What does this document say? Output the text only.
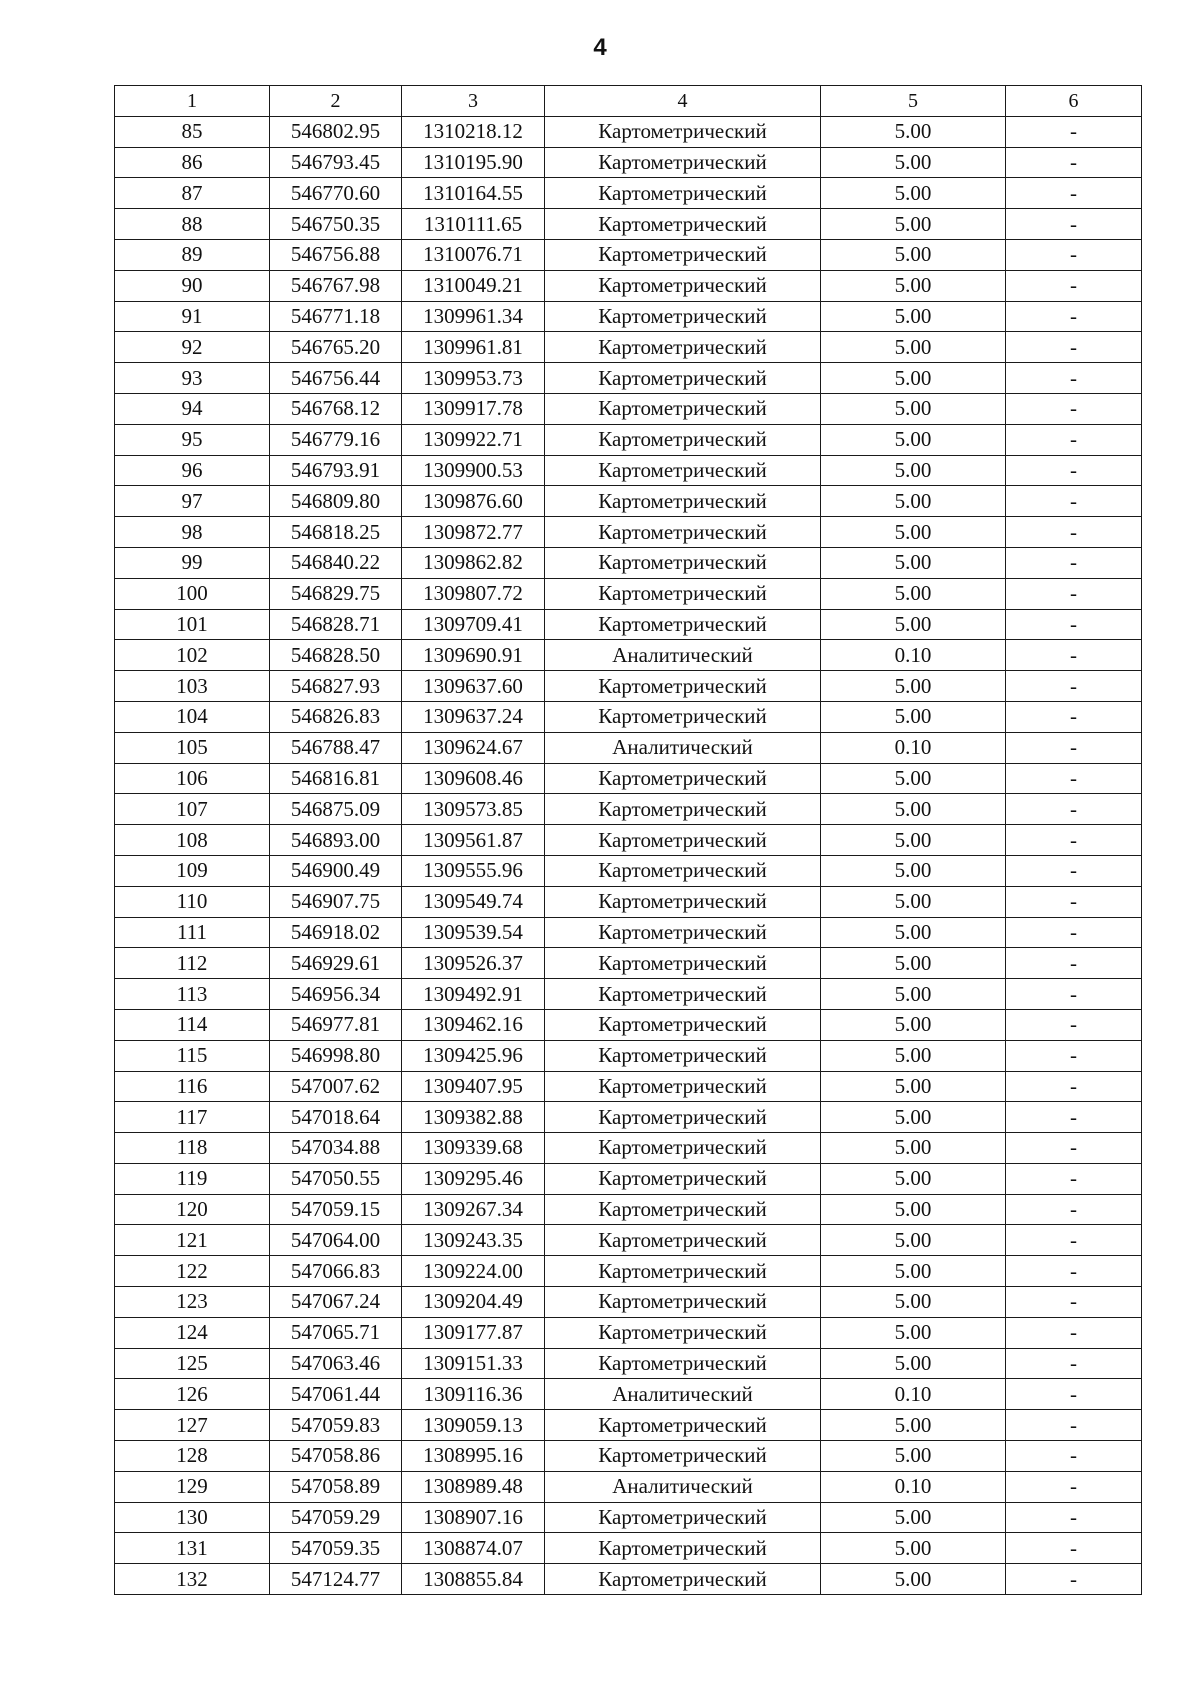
4
1	2	3	4	5	6
85	546802.95	1310218.12	Картометрический	5.00	-
86	546793.45	1310195.90	Картометрический	5.00	-
87	546770.60	1310164.55	Картометрический	5.00	-
88	546750.35	1310111.65	Картометрический	5.00	-
89	546756.88	1310076.71	Картометрический	5.00	-
90	546767.98	1310049.21	Картометрический	5.00	-
91	546771.18	1309961.34	Картометрический	5.00	-
92	546765.20	1309961.81	Картометрический	5.00	-
93	546756.44	1309953.73	Картометрический	5.00	-
94	546768.12	1309917.78	Картометрический	5.00	-
95	546779.16	1309922.71	Картометрический	5.00	-
96	546793.91	1309900.53	Картометрический	5.00	-
97	546809.80	1309876.60	Картометрический	5.00	-
98	546818.25	1309872.77	Картометрический	5.00	-
99	546840.22	1309862.82	Картометрический	5.00	-
100	546829.75	1309807.72	Картометрический	5.00	-
101	546828.71	1309709.41	Картометрический	5.00	-
102	546828.50	1309690.91	Аналитический	0.10	-
103	546827.93	1309637.60	Картометрический	5.00	-
104	546826.83	1309637.24	Картометрический	5.00	-
105	546788.47	1309624.67	Аналитический	0.10	-
106	546816.81	1309608.46	Картометрический	5.00	-
107	546875.09	1309573.85	Картометрический	5.00	-
108	546893.00	1309561.87	Картометрический	5.00	-
109	546900.49	1309555.96	Картометрический	5.00	-
110	546907.75	1309549.74	Картометрический	5.00	-
111	546918.02	1309539.54	Картометрический	5.00	-
112	546929.61	1309526.37	Картометрический	5.00	-
113	546956.34	1309492.91	Картометрический	5.00	-
114	546977.81	1309462.16	Картометрический	5.00	-
115	546998.80	1309425.96	Картометрический	5.00	-
116	547007.62	1309407.95	Картометрический	5.00	-
117	547018.64	1309382.88	Картометрический	5.00	-
118	547034.88	1309339.68	Картометрический	5.00	-
119	547050.55	1309295.46	Картометрический	5.00	-
120	547059.15	1309267.34	Картометрический	5.00	-
121	547064.00	1309243.35	Картометрический	5.00	-
122	547066.83	1309224.00	Картометрический	5.00	-
123	547067.24	1309204.49	Картометрический	5.00	-
124	547065.71	1309177.87	Картометрический	5.00	-
125	547063.46	1309151.33	Картометрический	5.00	-
126	547061.44	1309116.36	Аналитический	0.10	-
127	547059.83	1309059.13	Картометрический	5.00	-
128	547058.86	1308995.16	Картометрический	5.00	-
129	547058.89	1308989.48	Аналитический	0.10	-
130	547059.29	1308907.16	Картометрический	5.00	-
131	547059.35	1308874.07	Картометрический	5.00	-
132	547124.77	1308855.84	Картометрический	5.00	-
